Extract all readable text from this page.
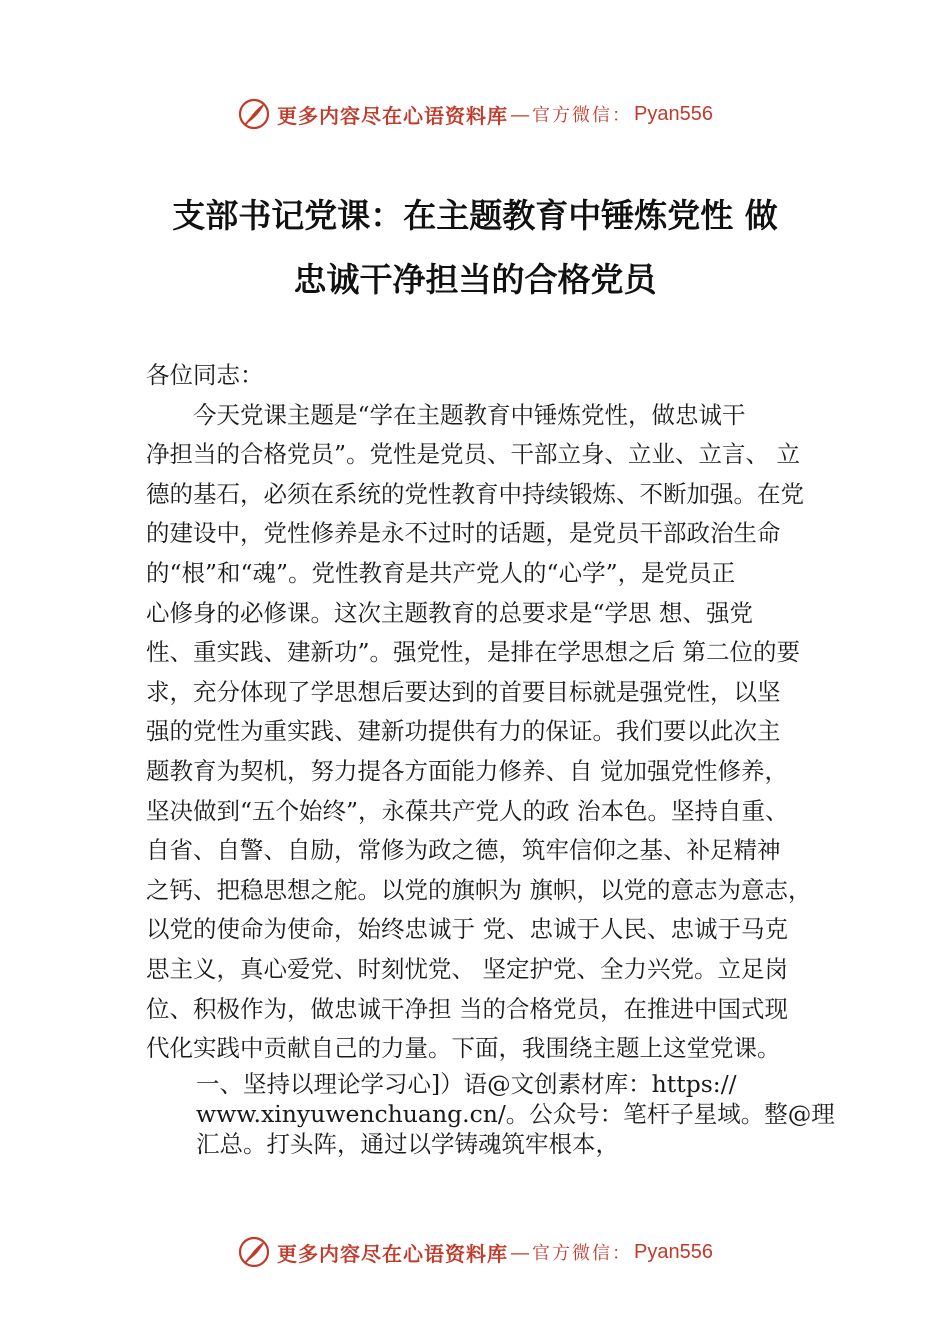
更多内容尽在心语资料库 — 官方微信： Pyan556
支部书记党课：在主题教育中锤炼党性 做
忠诚干净担当的合格党员

各位同志：

今天党课主题是“学在主题教育中锤炼党性，做忠诚干
净担当的合格党员”。党性是党员、干部立身、立业、立言、 立
德的基石，必须在系统的党性教育中持续锻炼、不断加强。在党
的建设中，党性修养是永不过时的话题，是党员干部政治生命
的“根”和“魂”。党性教育是共产党人的“心学”，是党员正
心修身的必修课。这次主题教育的总要求是“学思 想、强党
性、重实践、建新功”。强党性，是排在学思想之后 第二位的要
求，充分体现了学思想后要达到的首要目标就是强党性，以坚
强的党性为重实践、建新功提供有力的保证。我们要以此次主
题教育为契机，努力提各方面能力修养、自 觉加强党性修养，
坚决做到“五个始终”，永葆共产党人的政 治本色。坚持自重、
自省、自警、自励，常修为政之德，筑牢信仰之基、补足精神
之钙、把稳思想之舵。以党的旗帜为 旗帜，以党的意志为意志，
以党的使命为使命，始终忠诚于 党、忠诚于人民、忠诚于马克
思主义，真心爱党、时刻忧党、 坚定护党、全力兴党。立足岗
位、积极作为，做忠诚干净担 当的合格党员，在推进中国式现
代化实践中贡献自己的力量。下面，我围绕主题上这堂党课。

一、坚持以理论学习心]）语@文创素材库：https://
www.xinyuwenchuang.cn/。公众号：笔杆子星域。整@理
汇总。打头阵，通过以学铸魂筑牢根本，

更多内容尽在心语资料库 — 官方微信： Pyan556
